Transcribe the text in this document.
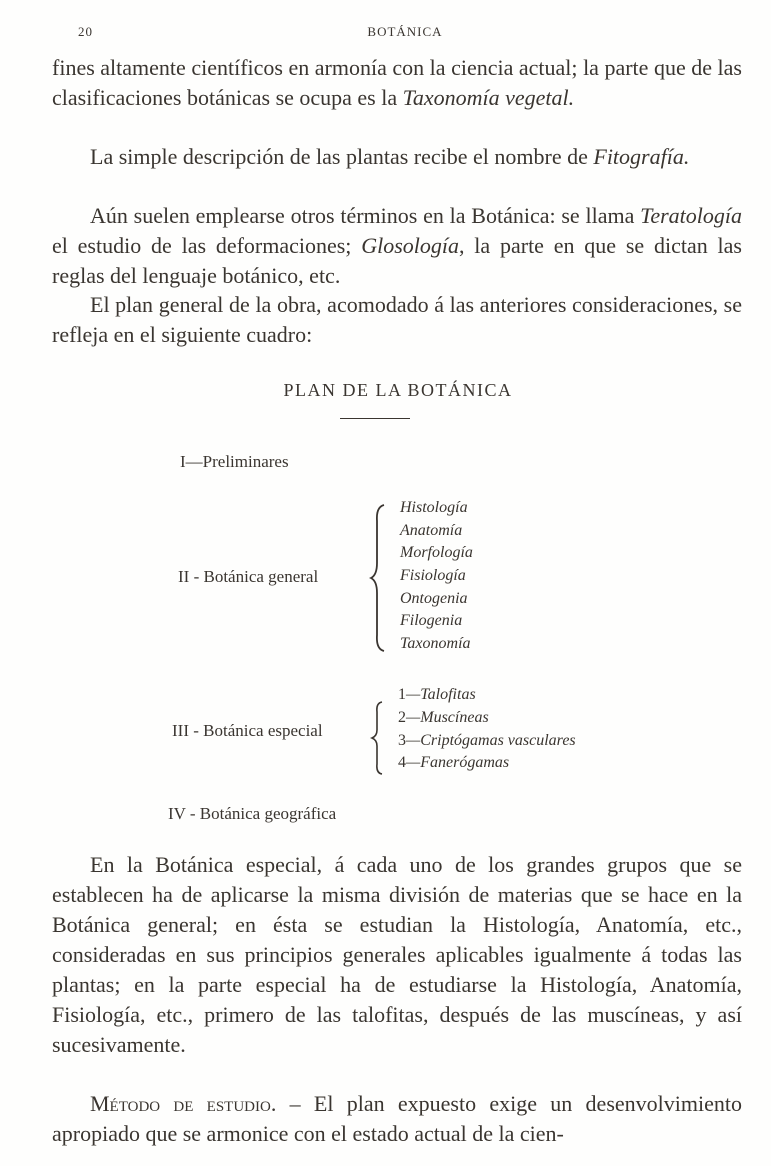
20	BOTÁNICA

fines altamente científicos en armonía con la ciencia actual; la parte que de las clasificaciones botánicas se ocupa es la Taxonomía vegetal.

La simple descripción de las plantas recibe el nombre de Fitografía.

Aún suelen emplearse otros términos en la Botánica: se llama Teratología el estudio de las deformaciones; Glosología, la parte en que se dictan las reglas del lenguaje botánico, etc.

El plan general de la obra, acomodado á las anteriores consideraciones, se refleja en el siguiente cuadro:

PLAN DE LA BOTÁNICA
I—Preliminares
II - Botánica general
Histología
Anatomía
Morfología
Fisiología
Ontogenia
Filogenia
Taxonomía
III - Botánica especial
1—Talofitas
2—Muscíneas
3—Criptógamas vasculares
4—Fanerógamas
IV - Botánica geográfica

En la Botánica especial, á cada uno de los grandes grupos que se establecen ha de aplicarse la misma división de materias que se hace en la Botánica general; en ésta se estudian la Histología, Anatomía, etc., consideradas en sus principios generales aplicables igualmente á todas las plantas; en la parte especial ha de estudiarse la Histología, Anatomía, Fisiología, etc., primero de las talofitas, después de las muscíneas, y así sucesivamente.

Método de estudio. – El plan expuesto exige un desenvolvimiento apropiado que se armonice con el estado actual de la cien-
